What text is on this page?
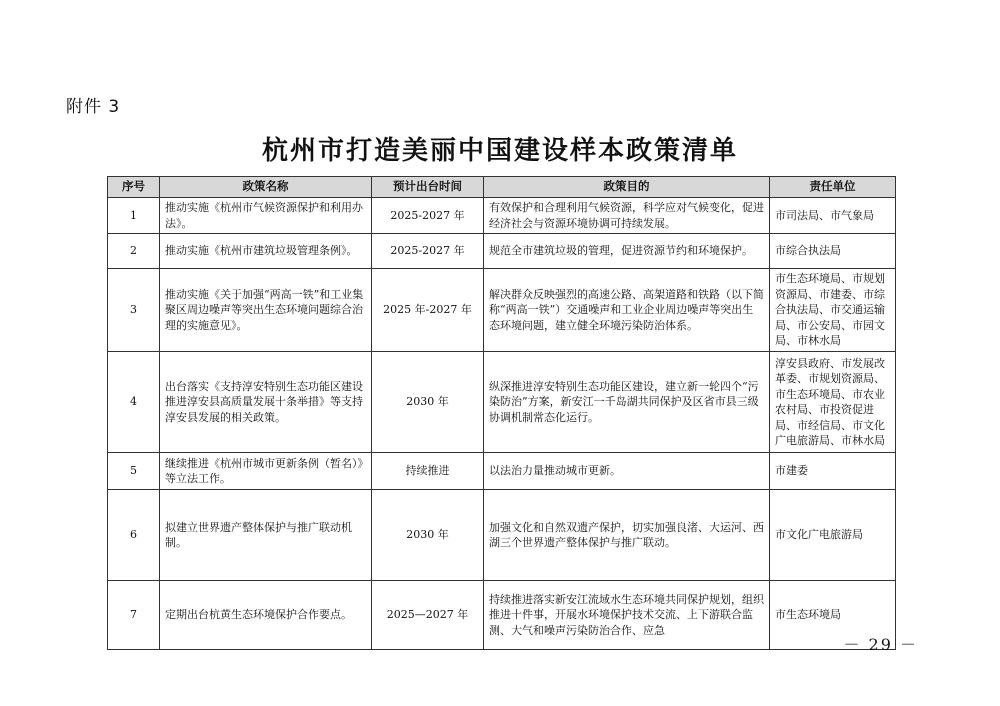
附件 3
杭州市打造美丽中国建设样本政策清单
序号	政策名称	预计出台时间	政策目的	责任单位
1	推动实施《杭州市气候资源保护和利用办法》。	2025-2027 年	有效保护和合理利用气候资源，科学应对气候变化，促进经济社会与资源环境协调可持续发展。	市司法局、市气象局
2	推动实施《杭州市建筑垃圾管理条例》。	2025-2027 年	规范全市建筑垃圾的管理，促进资源节约和环境保护。	市综合执法局
3	推动实施《关于加强“两高一铁”和工业集聚区周边噪声等突出生态环境问题综合治理的实施意见》。	2025 年-2027 年	解决群众反映强烈的高速公路、高架道路和铁路（以下简称“两高一铁”）交通噪声和工业企业周边噪声等突出生态环境问题，建立健全环境污染防治体系。	市生态环境局、市规划资源局、市建委、市综合执法局、市交通运输局、市公安局、市园文局、市林水局
4	出台落实《支持淳安特别生态功能区建设推进淳安县高质量发展十条举措》等支持淳安县发展的相关政策。	2030 年	纵深推进淳安特别生态功能区建设，建立新一轮四个“污染防治”方案，新安江一千岛湖共同保护及区省市县三级协调机制常态化运行。	淳安县政府、市发展改革委、市规划资源局、市生态环境局、市农业农村局、市投资促进局、市经信局、市文化广电旅游局、市林水局
5	继续推进《杭州市城市更新条例（暂名）》等立法工作。	持续推进	以法治力量推动城市更新。	市建委
6	拟建立世界遗产整体保护与推广联动机制。	2030 年	加强文化和自然双遗产保护，切实加强良渚、大运河、西湖三个世界遗产整体保护与推广联动。	市文化广电旅游局
7	定期出台杭黄生态环境保护合作要点。	2025—2027 年	持续推进落实新安江流域水生态环境共同保护规划，组织推进十件事，开展水环境保护技术交流、上下游联合监测、大气和噪声污染防治合作、应急	市生态环境局
－ 29 －
